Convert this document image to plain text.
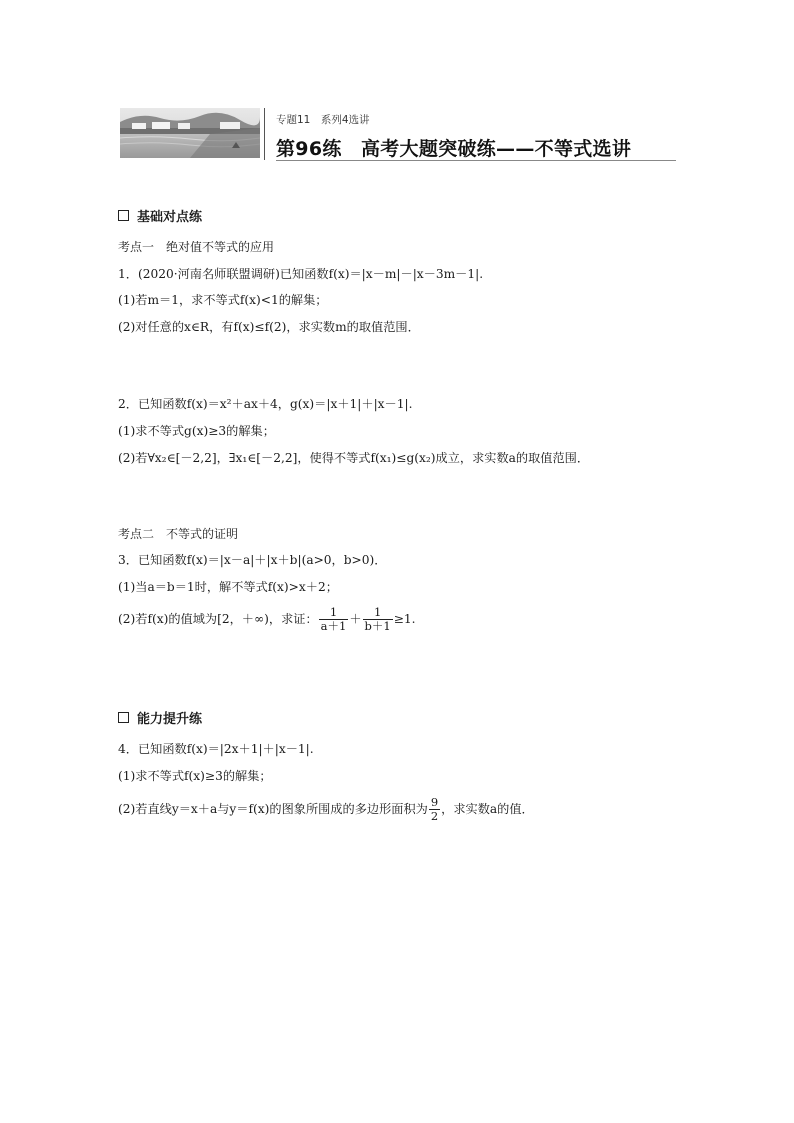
专题11　系列4选讲
第96练　高考大题突破练——不等式选讲
基础对点练
考点一　绝对值不等式的应用
1．(2020·河南名师联盟调研)已知函数f(x)＝|x－m|－|x－3m－1|.
(1)若m＝1，求不等式f(x)<1的解集；
(2)对任意的x∈R，有f(x)≤f(2)，求实数m的取值范围．
2．已知函数f(x)＝x²＋ax＋4，g(x)＝|x＋1|＋|x－1|.
(1)求不等式g(x)≥3的解集；
(2)若∀x₂∈[－2,2]，∃x₁∈[－2,2]，使得不等式f(x₁)≤g(x₂)成立，求实数a的取值范围．
考点二　不等式的证明
3．已知函数f(x)＝|x－a|＋|x＋b|(a>0，b>0)．
(1)当a＝b＝1时，解不等式f(x)>x＋2；
(2)若f(x)的值域为[2，＋∞)，求证： $\frac{1}{a+1} + \frac{1}{b+1} \ge 1$.
能力提升练
4．已知函数f(x)＝|2x＋1|＋|x－1|.
(1)求不等式f(x)≥3的解集；
(2)若直线y＝x＋a与y＝f(x)的图象所围成的多边形面积为 $\frac{9}{2}$ ，求实数a的值．
